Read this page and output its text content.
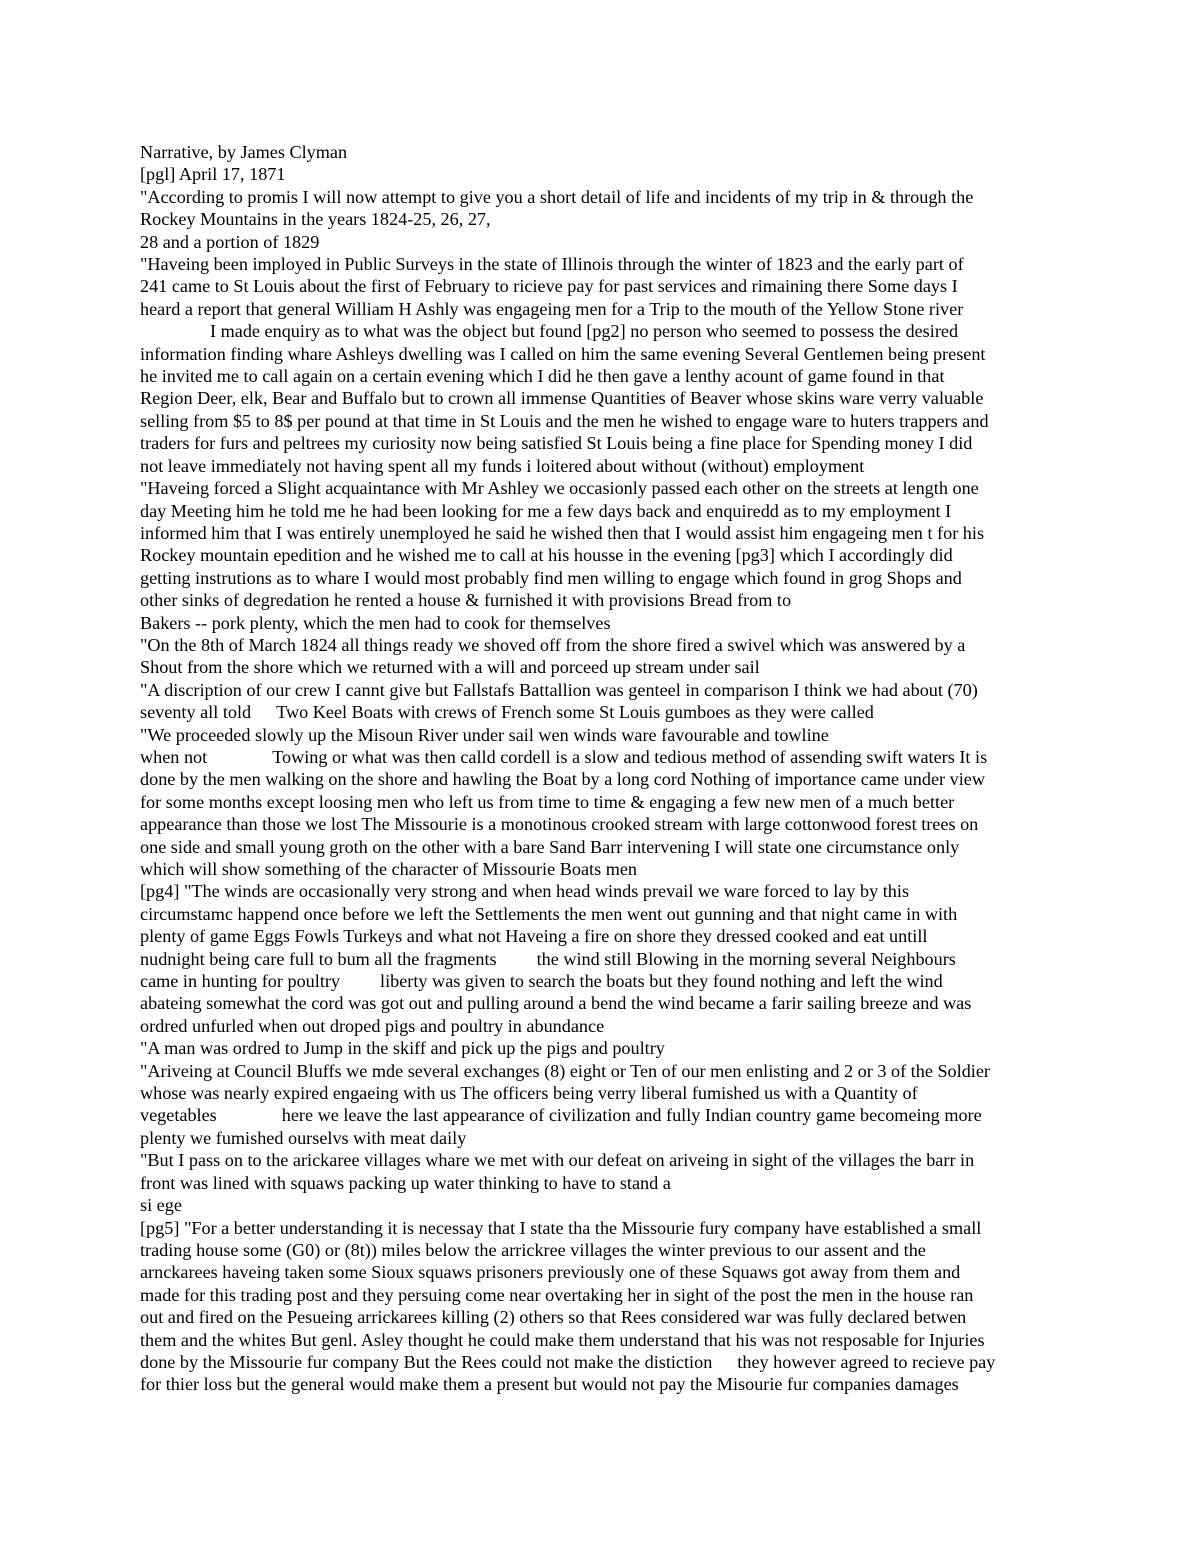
Narrative, by James Clyman
[pgl] April 17, 1871
"According to promis I will now attempt to give you a short detail of life and incidents of my trip in & through the
Rockey Mountains in the years 1824-25, 26, 27,
28 and a portion of 1829
"Haveing been imployed in Public Surveys in the state of Illinois through the winter of 1823 and the early part of
241 came to St Louis about the first of February to ricieve pay for past services and rimaining there Some days I
heard a report that general William H Ashly was engageing men for a Trip to the mouth of the Yellow Stone river
I made enquiry as to what was the object but found [pg2] no person who seemed to possess the desired
information finding whare Ashleys dwelling was I called on him the same evening Several Gentlemen being present
he invited me to call again on a certain evening which I did he then gave a lenthy acount of game found in that
Region Deer, elk, Bear and Buffalo but to crown all immense Quantities of Beaver whose skins ware verry valuable
selling from $5 to 8$ per pound at that time in St Louis and the men he wished to engage ware to huters trappers and
traders for furs and peltrees my curiosity now being satisfied St Louis being a fine place for Spending money I did
not leave immediately not having spent all my funds i loitered about without (without) employment
"Haveing forced a Slight acquaintance with Mr Ashley we occasionly passed each other on the streets at length one
day Meeting him he told me he had been looking for me a few days back and enquiredd as to my employment I
informed him that I was entirely unemployed he said he wished then that I would assist him engageing men t for his
Rockey mountain epedition and he wished me to call at his housse in the evening [pg3] which I accordingly did
getting instrutions as to whare I would most probably find men willing to engage which found in grog Shops and
other sinks of degredation he rented a house & furnished it with provisions Bread from to
Bakers -- pork plenty, which the men had to cook for themselves
"On the 8th of March 1824 all things ready we shoved off from the shore fired a swivel which was answered by a
Shout from the shore which we returned with a will and porceed up stream under sail
"A discription of our crew I cannt give but Fallstafs Battallion was genteel in comparison I think we had about (70)
seventy all told Two Keel Boats with crews of French some St Louis gumboes as they were called
"We proceeded slowly up the Misoun River under sail wen winds ware favourable and towline
when not	Towing or what was then calld cordell is a slow and tedious method of assending swift waters It is
done by the men walking on the shore and hawling the Boat by a long cord Nothing of importance came under view
for some months except loosing men who left us from time to time & engaging a few new men of a much better
appearance than those we lost The Missourie is a monotinous crooked stream with large cottonwood forest trees on
one side and small young groth on the other with a bare Sand Barr intervening I will state one circumstance only
which will show something of the character of Missourie Boats men
[pg4] "The winds are occasionally very strong and when head winds prevail we ware forced to lay by this
circumstamc happend once before we left the Settlements the men went out gunning and that night came in with
plenty of game Eggs Fowls Turkeys and what not Haveing a fire on shore they dressed cooked and eat untill
nudnight being care full to bum all the fragments the wind still Blowing in the morning several Neighbours
came in hunting for poultry liberty was given to search the boats but they found nothing and left the wind
abateing somewhat the cord was got out and pulling around a bend the wind became a farir sailing breeze and was
ordred unfurled when out droped pigs and poultry in abundance
"A man was ordred to Jump in the skiff and pick up the pigs and poultry
"Ariveing at Council Bluffs we mde several exchanges (8) eight or Ten of our men enlisting and 2 or 3 of the Soldier
whose was nearly expired engaeing with us The officers being verry liberal fumished us with a Quantity of
vegetables	here we leave the last appearance of civilization and fully Indian country game becomeing more
plenty we fumished ourselvs with meat daily
"But I pass on to the arickaree villages whare we met with our defeat on ariveing in sight of the villages the barr in
front was lined with squaws packing up water thinking to have to stand a
si ege
[pg5] "For a better understanding it is necessay that I state tha the Missourie fury company have established a small
trading house some (G0) or (8t)) miles below the arrickree villages the winter previous to our assent and the
arnckarees haveing taken some Sioux squaws prisoners previously one of these Squaws got away from them and
made for this trading post and they persuing come near overtaking her in sight of the post the men in the house ran
out and fired on the Pesueing arrickarees killing (2) others so that Rees considered war was fully declared betwen
them and the whites But genl. Asley thought he could make them understand that his was not resposable for Injuries
done by the Missourie fur company But the Rees could not make the distiction they however agreed to recieve pay
for thier loss but the general would make them a present but would not pay the Misourie fur companies damages
